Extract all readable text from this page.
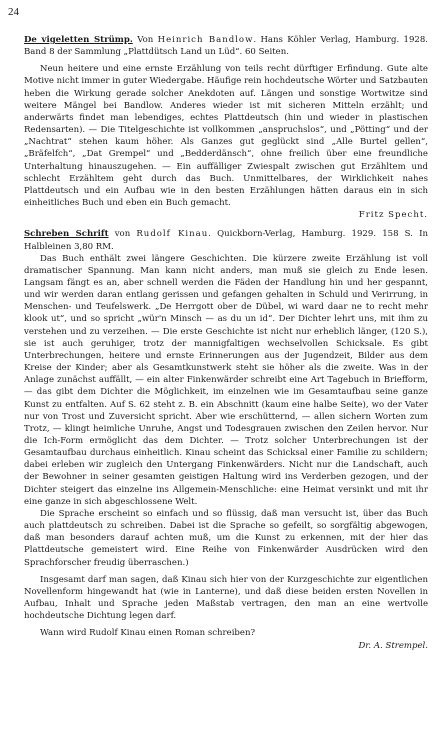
24

De vigeletten Strümp. Von Heinrich Bandlow. Hans Köhler Verlag, Hamburg. 1928. Band 8 der Sammlung „Plattdütsch Land un Lüd“. 60 Seiten.

Neun heitere und eine ernste Erzählung von teils recht dürftiger Erfindung. Gute alte Motive nicht immer in guter Wiedergabe. Häufige rein hochdeutsche Wörter und Satzbauten heben die Wirkung gerade solcher Anekdoten auf. Längen und sonstige Wortwitze sind weitere Mängel bei Bandlow. Anderes wieder ist mit sicheren Mitteln erzählt; und anderwärts findet man lebendiges, echtes Plattdeutsch (hin und wieder in plastischen Redensarten). — Die Titelgeschichte ist vollkommen „anspruchslos“, und „Pötting“ und der „Nachtrat“ stehen kaum höher. Als Ganzes gut geglückt sind „Alle Burtel gellen“, „Bräfelfch“, „Dat Grempel“ und „Bedderdänsch“, ohne freilich über eine freundliche Unterhaltung hinauszugehen. — Ein auffälliger Zwiespalt zwischen gut Erzähltem und schlecht Erzähltem geht durch das Buch. Unmittelbares, der Wirklichkeit nahes Plattdeutsch und ein Aufbau wie in den besten Erzählungen hätten daraus ein in sich einheitliches Buch und eben ein Buch gemacht.

Fritz Specht.

Schreben Schrift von Rudolf Kinau. Quickborn-Verlag, Hamburg. 1929. 158 S. In Halbleinen 3,80 RM.

Das Buch enthält zwei längere Geschichten. Die kürzere zweite Erzählung ist voll dramatischer Spannung. Man kann nicht anders, man muß sie gleich zu Ende lesen. Langsam fängt es an, aber schnell werden die Fäden der Handlung hin und her gespannt, und wir werden daran entlang gerissen und gefangen gehalten in Schuld und Verirrung, in Menschen- und Teufelswerk. „De Herrgott ober de Dübel, wi ward daar ne to recht mehr klook ut“, und so spricht „wür'n Minsch — as du un id“. Der Dichter lehrt uns, mit ihm zu verstehen und zu verzeihen. — Die erste Geschichte ist nicht nur erheblich länger, (120 S.), sie ist auch geruhiger, trotz der mannigfaltigen wechselvollen Schicksale. Es gibt Unterbrechungen, heitere und ernste Erinnerungen aus der Jugendzeit, Bilder aus dem Kreise der Kinder; aber als Gesamtkunstwerk steht sie höher als die zweite. Was in der Anlage zunächst auffällt, — ein alter Finkenwärder schreibt eine Art Tagebuch in Briefform, — das gibt dem Dichter die Möglichkeit, im einzelnen wie im Gesamtaufbau seine ganze Kunst zu entfalten. Auf S. 62 steht z. B. ein Abschnitt (kaum eine halbe Seite), wo der Vater nur von Trost und Zuversicht spricht. Aber wie erschütternd, — allen sichern Worten zum Trotz, — klingt heimliche Unruhe, Angst und Todesgrauen zwischen den Zeilen hervor. Nur die Ich-Form ermöglicht das dem Dichter. — Trotz solcher Unterbrechungen ist der Gesamtaufbau durchaus einheitlich. Kinau scheint das Schicksal einer Familie zu schildern; dabei erleben wir zugleich den Untergang Finkenwärders. Nicht nur die Landschaft, auch der Bewohner in seiner gesamten geistigen Haltung wird ins Verderben gezogen, und der Dichter steigert das einzelne ins Allgemein-Menschliche: eine Heimat versinkt und mit ihr eine ganze in sich abgeschlossene Welt.

Die Sprache erscheint so einfach und so flüssig, daß man versucht ist, über das Buch auch plattdeutsch zu schreiben. Dabei ist die Sprache so gefeilt, so sorgfältig abgewogen, daß man besonders darauf achten muß, um die Kunst zu erkennen, mit der hier das Plattdeutsche gemeistert wird. Eine Reihe von Finkenwärder Ausdrücken wird den Sprachforscher freudig überraschen.)

Insgesamt darf man sagen, daß Kinau sich hier von der Kurzgeschichte zur eigentlichen Novellenform hingewandt hat (wie in Lanterne), und daß diese beiden ersten Novellen in Aufbau, Inhalt und Sprache jeden Maßstab vertragen, den man an eine wertvolle hochdeutsche Dichtung legen darf.

Wann wird Rudolf Kinau einen Roman schreiben?

Dr. A. Strempel.
